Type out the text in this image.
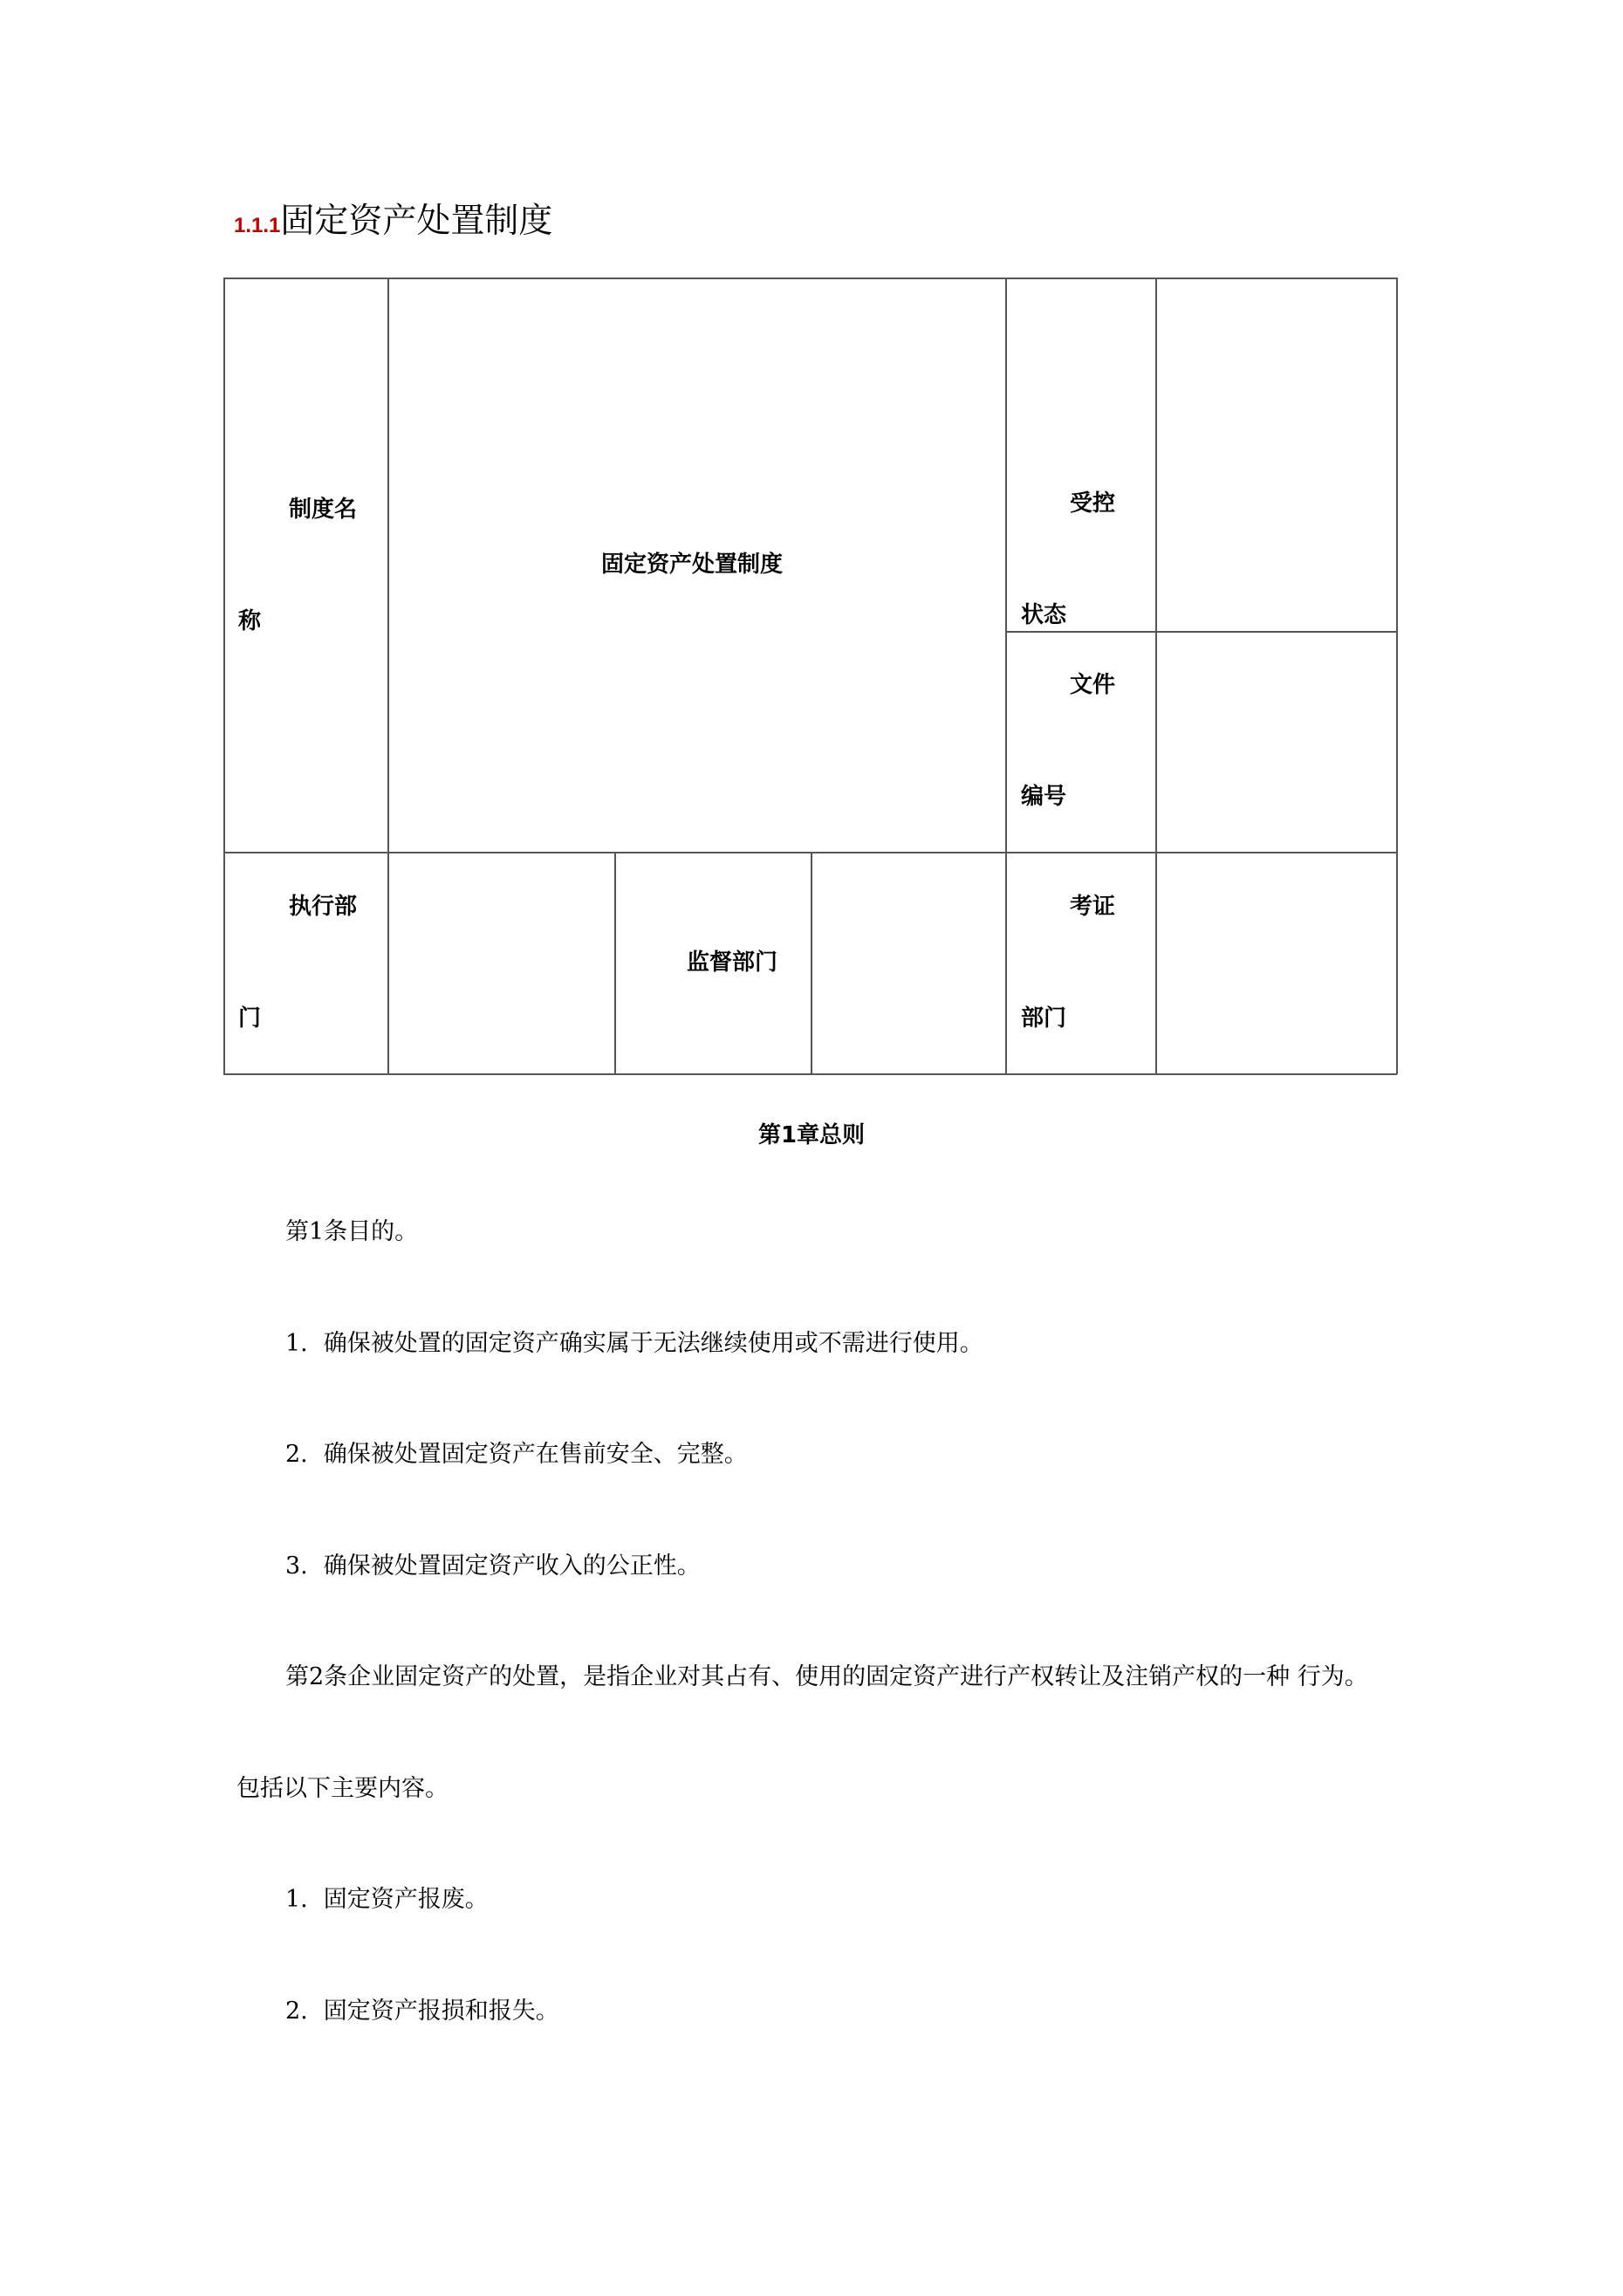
1.1.1固定资产处置制度
制度名
称
固定资产处置制度
受控
状态
文件
编号
执行部
门
监督部门
考证
部门
第1章总则
第1条目的。
1. 确保被处置的固定资产确实属于无法继续使用或不需进行使用。
2. 确保被处置固定资产在售前安全、完整。
3. 确保被处置固定资产收入的公正性。
第2条企业固定资产的处置，是指企业对其占有、使用的固定资产进行产权转让及注销产权的一种 行为。
包括以下主要内容。
1. 固定资产报废。
2. 固定资产报损和报失。
